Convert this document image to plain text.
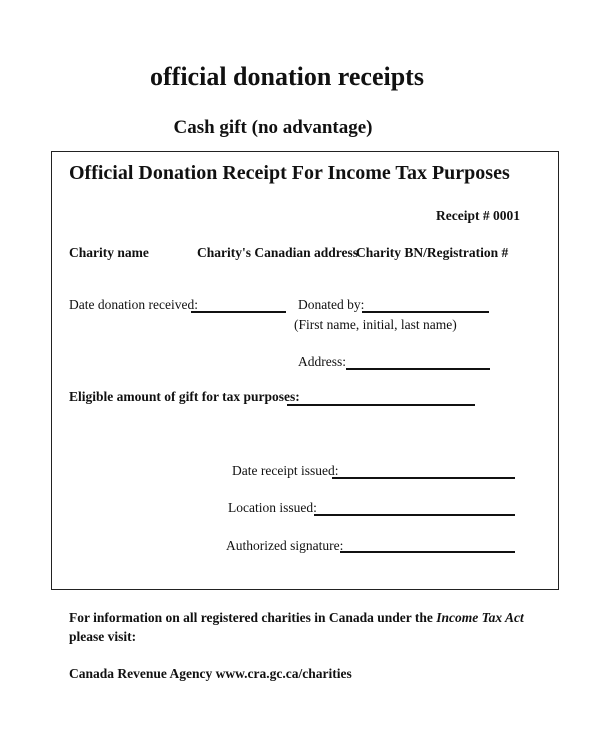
official donation receipts
Cash gift (no advantage)
Official Donation Receipt For Income Tax Purposes
Receipt # 0001
Charity name	Charity's Canadian address
Charity BN/Registration #
Date donation received:	Donated by:
(First name, initial, last name)
Address:
Eligible amount of gift for tax purposes:
Date receipt issued:
Location issued:
Authorized signature:
For information on all registered charities in Canada under the Income Tax Act
please visit:
Canada Revenue Agency www.cra.gc.ca/charities
